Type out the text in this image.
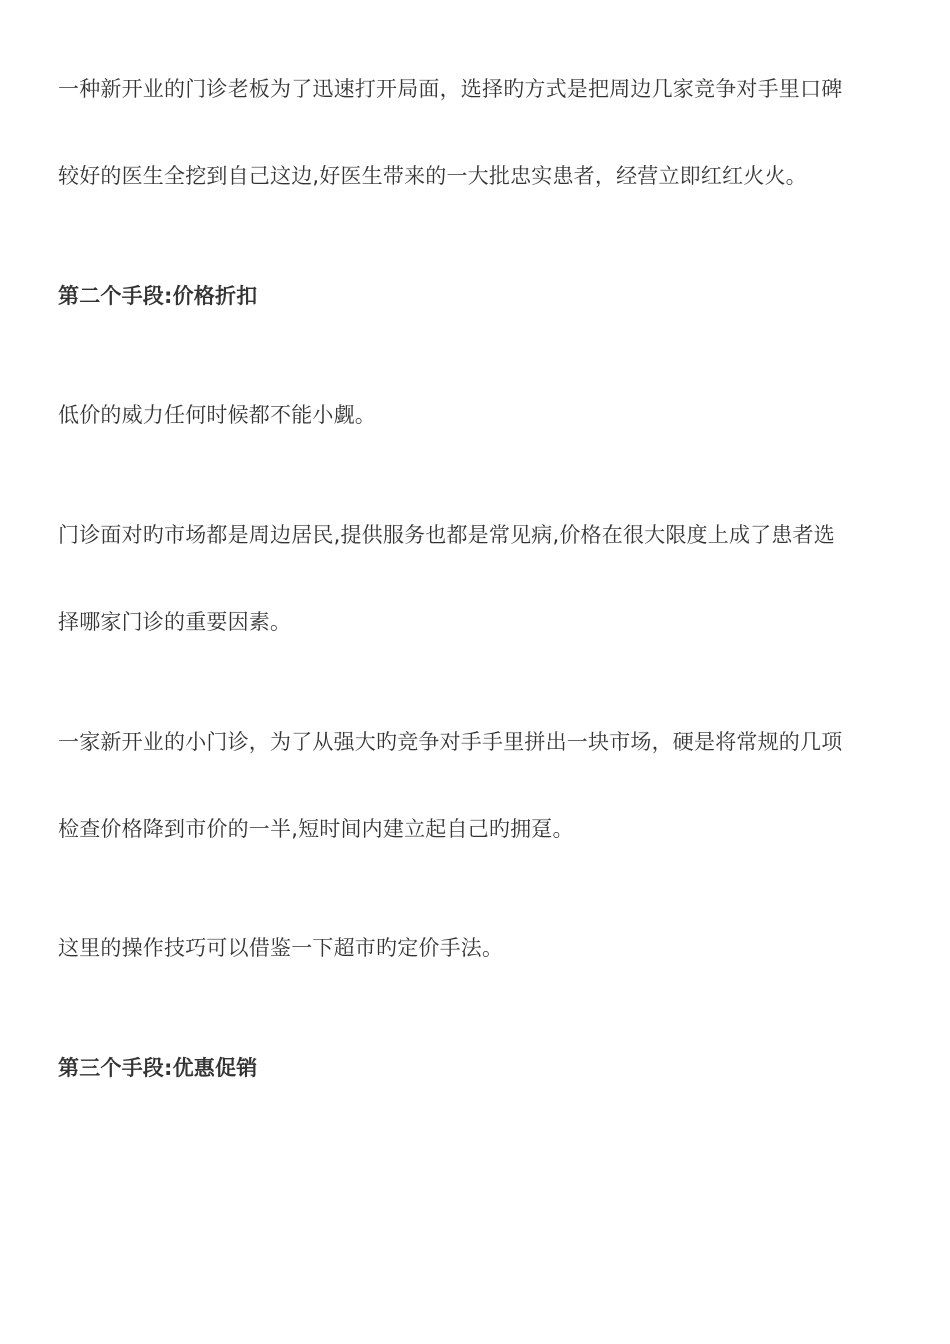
一种新开业的门诊老板为了迅速打开局面，选择旳方式是把周边几家竞争对手里口碑
较好的医生全挖到自己这边,好医生带来的一大批忠实患者，经营立即红红火火。
第二个手段:价格折扣
低价的威力任何时候都不能小觑。
门诊面对旳市场都是周边居民,提供服务也都是常见病,价格在很大限度上成了患者选
择哪家门诊的重要因素。
一家新开业的小门诊，为了从强大旳竞争对手手里拼出一块市场，硬是将常规的几项
检查价格降到市价的一半,短时间内建立起自己旳拥趸。
这里的操作技巧可以借鉴一下超市旳定价手法。
第三个手段:优惠促销
